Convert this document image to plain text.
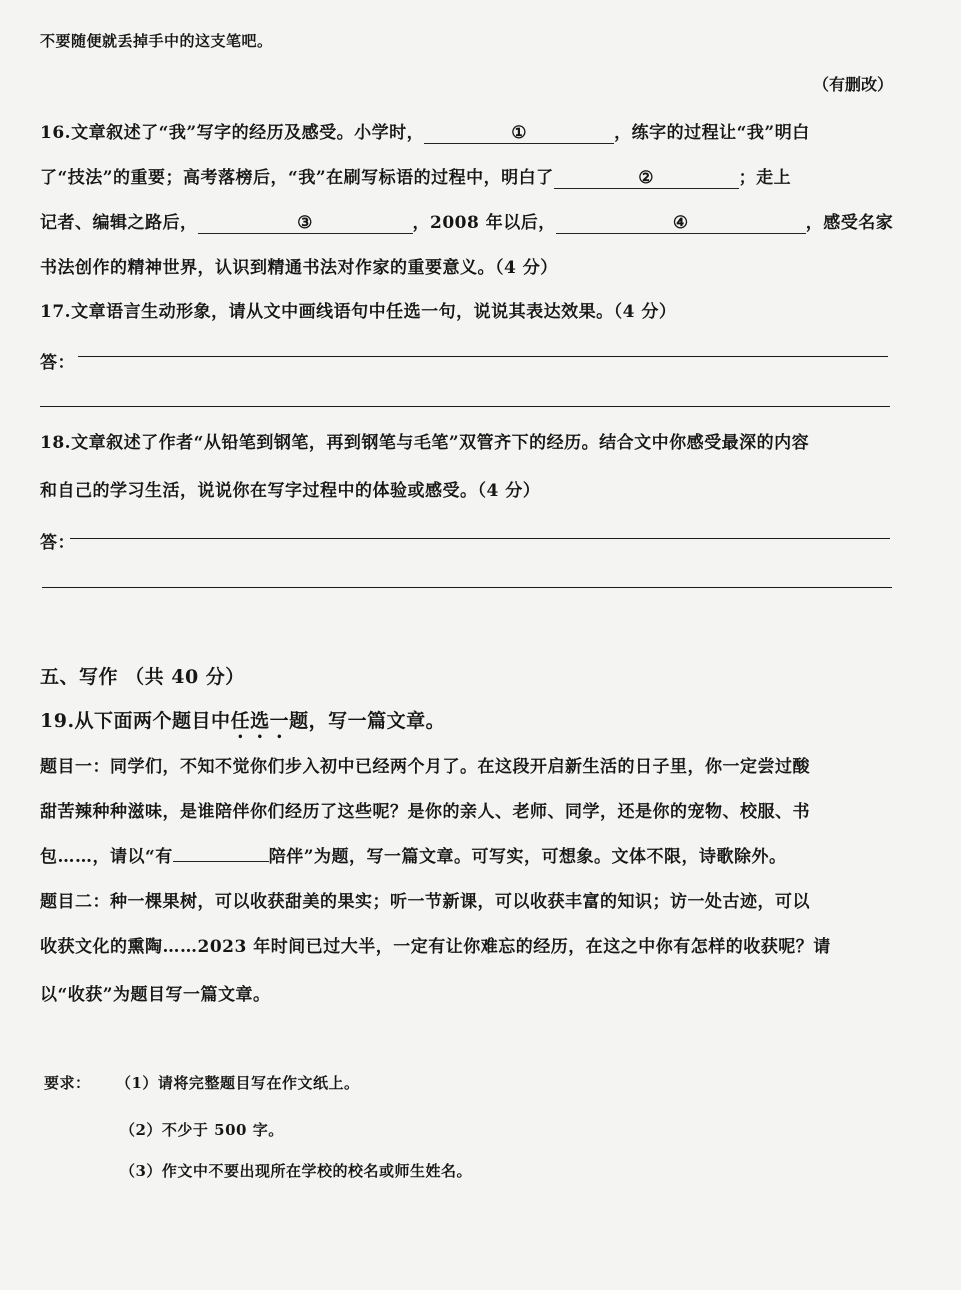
不要随便就丢掉手中的这支笔吧。
（有删改）
16.文章叙述了“我”写字的经历及感受。小学时，	①	，练字的过程让“我”明白
了“技法”的重要；高考落榜后，“我”在刷写标语的过程中，明白了	②	；走上
记者、编辑之路后，	③	，2008 年以后，	④	，感受名家
书法创作的精神世界，认识到精通书法对作家的重要意义。（4 分）
17.文章语言生动形象，请从文中画线语句中任选一句，说说其表达效果。（4 分）
答：
18.文章叙述了作者“从铅笔到钢笔，再到钢笔与毛笔”双管齐下的经历。结合文中你感受最深的内容
和自己的学习生活，说说你在写字过程中的体验或感受。（4 分）
答：
五、写作 （共 40 分）
19.从下面两个题目中任选一题，写一篇文章。
题目一：同学们，不知不觉你们步入初中已经两个月了。在这段开启新生活的日子里，你一定尝过酸
甜苦辣种种滋味，是谁陪伴你们经历了这些呢？是你的亲人、老师、同学，还是你的宠物、校服、书
包……，请以“有	陪伴”为题，写一篇文章。可写实，可想象。文体不限，诗歌除外。
题目二：种一棵果树，可以收获甜美的果实；听一节新课，可以收获丰富的知识；访一处古迹，可以
收获文化的熏陶……2023 年时间已过大半，一定有让你难忘的经历，在这之中你有怎样的收获呢？请
以“收获”为题目写一篇文章。
要求： （1）请将完整题目写在作文纸上。
（2）不少于 500 字。
（3）作文中不要出现所在学校的校名或师生姓名。
